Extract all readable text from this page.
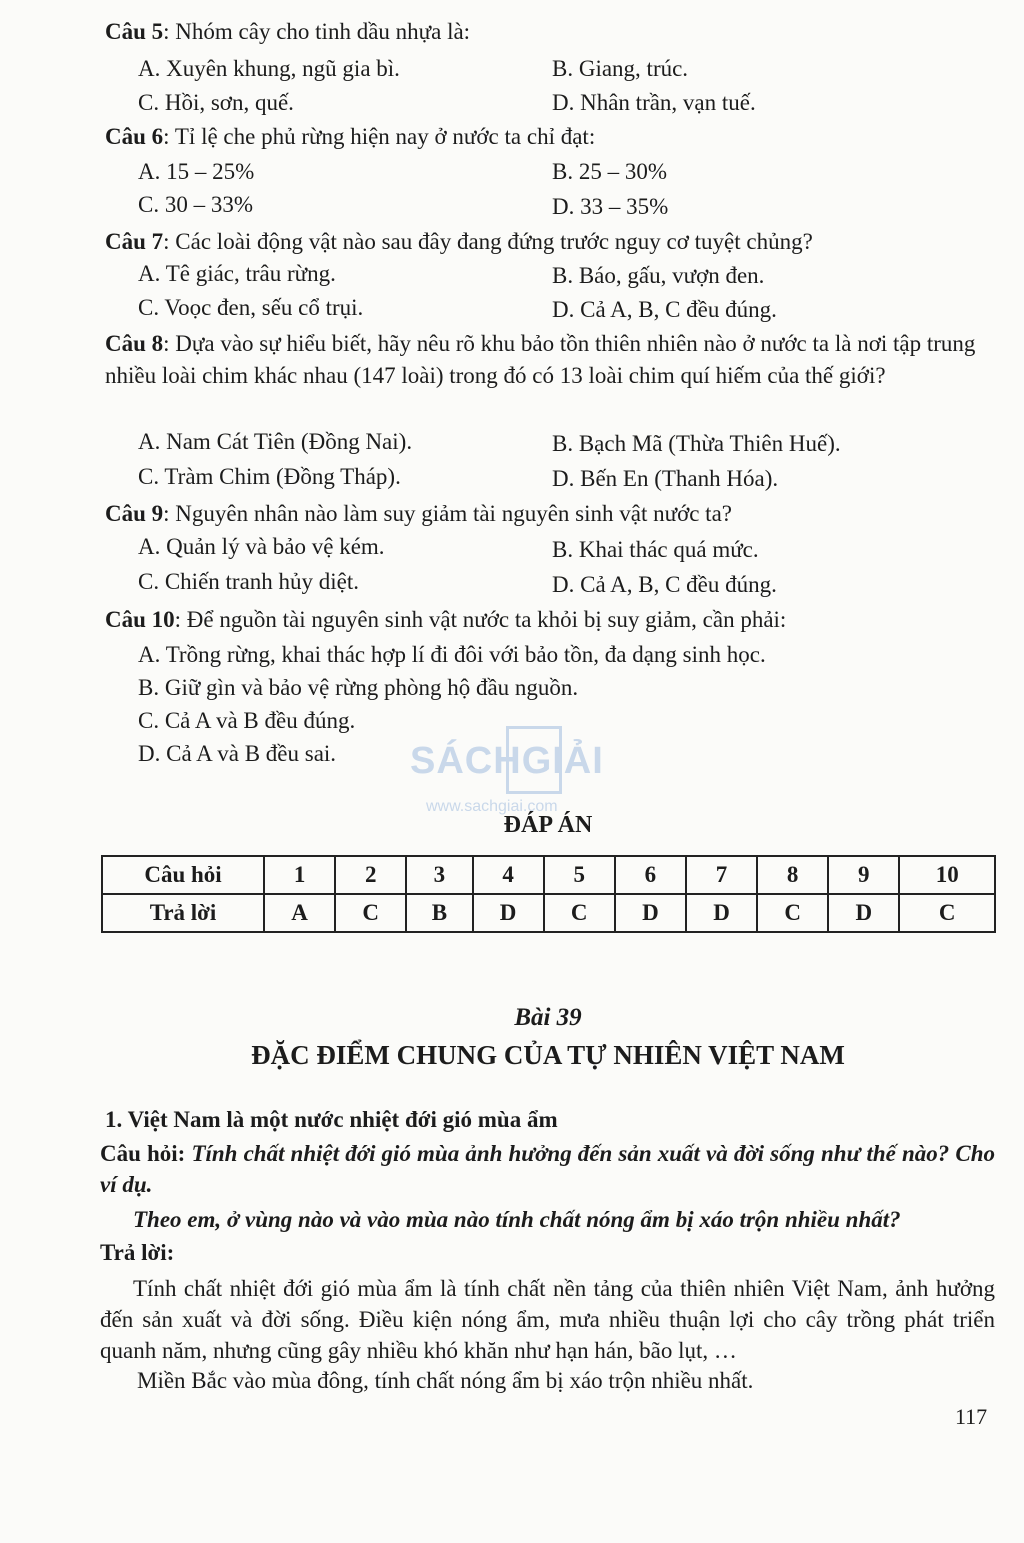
Câu 5: Nhóm cây cho tinh dầu nhựa là:
A. Xuyên khung, ngũ gia bì.	B. Giang, trúc.
C. Hồi, sơn, quế.	D. Nhân trần, vạn tuế.
Câu 6: Tỉ lệ che phủ rừng hiện nay ở nước ta chỉ đạt:
A. 15 – 25%	B. 25 – 30%
C. 30 – 33%	D. 33 – 35%
Câu 7: Các loài động vật nào sau đây đang đứng trước nguy cơ tuyệt chủng?
A. Tê giác, trâu rừng.	B. Báo, gấu, vượn đen.
C. Voọc đen, sếu cổ trụi.	D. Cả A, B, C đều đúng.
Câu 8: Dựa vào sự hiểu biết, hãy nêu rõ khu bảo tồn thiên nhiên nào ở nước ta là nơi tập trung nhiều loài chim khác nhau (147 loài) trong đó có 13 loài chim quí hiếm của thế giới?
A. Nam Cát Tiên (Đồng Nai).	B. Bạch Mã (Thừa Thiên Huế).
C. Tràm Chim (Đồng Tháp).	D. Bến En (Thanh Hóa).
Câu 9: Nguyên nhân nào làm suy giảm tài nguyên sinh vật nước ta?
A. Quản lý và bảo vệ kém.	B. Khai thác quá mức.
C. Chiến tranh hủy diệt.	D. Cả A, B, C đều đúng.
Câu 10: Để nguồn tài nguyên sinh vật nước ta khỏi bị suy giảm, cần phải:
A. Trồng rừng, khai thác hợp lí đi đôi với bảo tồn, đa dạng sinh học.
B. Giữ gìn và bảo vệ rừng phòng hộ đầu nguồn.
C. Cả A và B đều đúng.
D. Cả A và B đều sai. SÁCHGIẢI
www.sachgiai.com
ĐÁP ÁN
Câu hỏi	1	2	3	4	5	6	7	8	9	10
Trả lời	A	C	B	D	C	D	D	C	D	C
Bài 39
ĐẶC ĐIỂM CHUNG CỦA TỰ NHIÊN VIỆT NAM
1. Việt Nam là một nước nhiệt đới gió mùa ẩm
Câu hỏi: Tính chất nhiệt đới gió mùa ảnh hưởng đến sản xuất và đời sống như thế nào? Cho ví dụ.
Theo em, ở vùng nào và vào mùa nào tính chất nóng ẩm bị xáo trộn nhiều nhất?
Trả lời:
Tính chất nhiệt đới gió mùa ẩm là tính chất nền tảng của thiên nhiên Việt Nam, ảnh hưởng đến sản xuất và đời sống. Điều kiện nóng ẩm, mưa nhiều thuận lợi cho cây trồng phát triển quanh năm, nhưng cũng gây nhiều khó khăn như hạn hán, bão lụt, …
Miền Bắc vào mùa đông, tính chất nóng ẩm bị xáo trộn nhiều nhất.
117
